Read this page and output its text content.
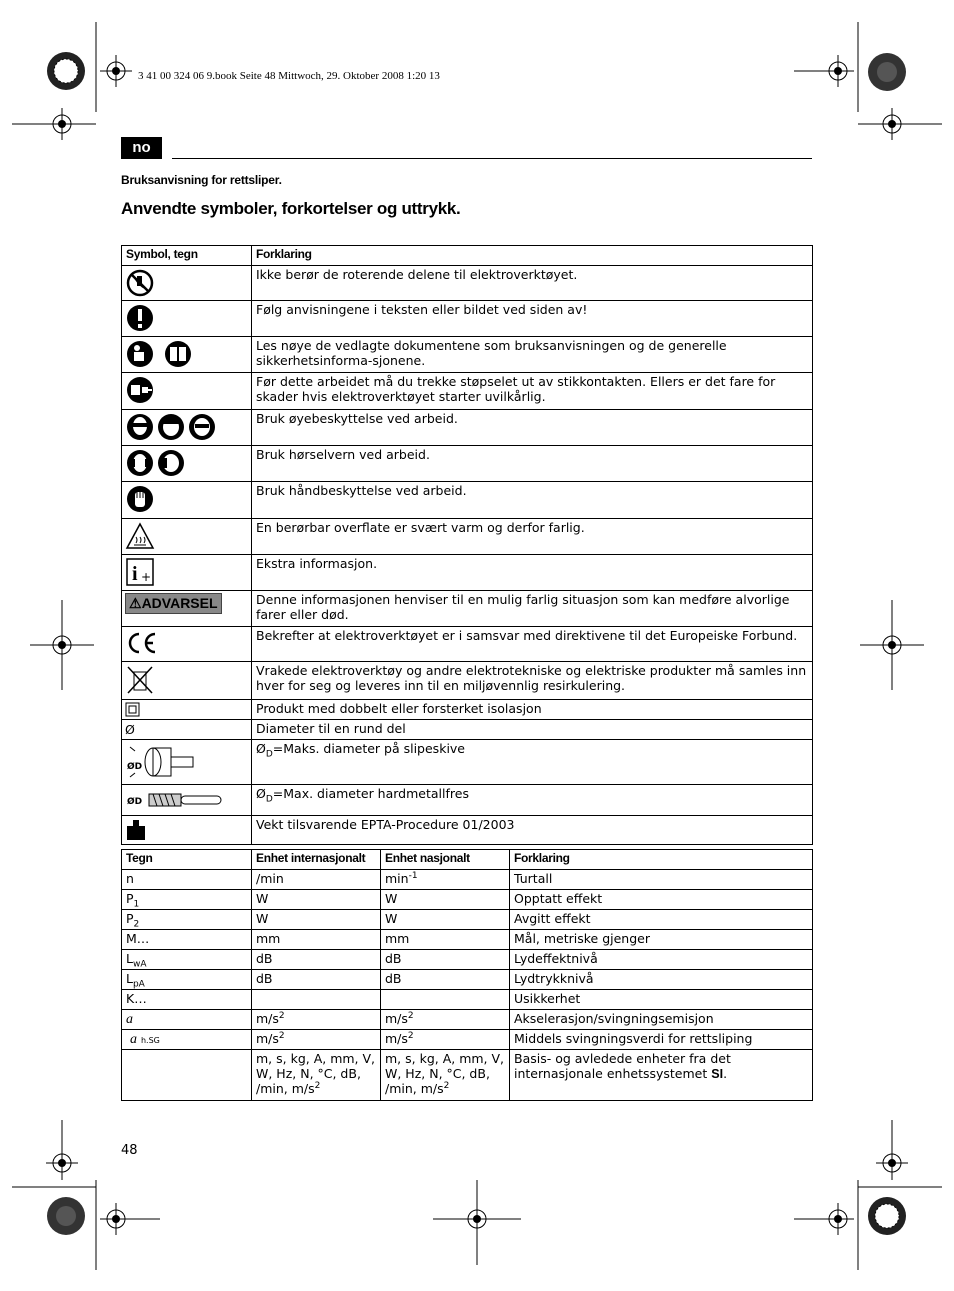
3 41 00 324 06 9.book Seite 48 Mittwoch, 29. Oktober 2008 1:20 13
no
Bruksanvisning for rettsliper.
Anvendte symboler, forkortelser og uttrykk.
Symbol, tegn	Forklaring
	Ikke berør de roterende delene til elektroverktøyet.
	Følg anvisningene i teksten eller bildet ved siden av!
	Les nøye de vedlagte dokumentene som bruksanvisningen og de generelle sikkerhetsinforma-sjonene.
	Før dette arbeidet må du trekke støpselet ut av stikkontakten. Ellers er det fare for skader hvis elektroverktøyet starter uvilkårlig.
	Bruk øyebeskyttelse ved arbeid.
	Bruk hørselvern ved arbeid.
	Bruk håndbeskyttelse ved arbeid.
	En berørbar overflate er svært varm og derfor farlig.

i +	Ekstra informasjon.
⚠ADVARSEL	Denne informasjonen henviser til en mulig farlig situasjon som kan medføre alvorlige farer eller død.
	Bekrefter at elektroverktøyet er i samsvar med direktivene til det Europeiske Forbund.
	Vrakede elektroverktøy og andre elektrotekniske og elektriske produkter må samles inn hver for seg og leveres inn til en miljøvennlig resirkulering.
	Produkt med dobbelt eller forsterket isolasjon
Ø	Diameter til en rund del

ØD	$Ø_D=Maks$. diameter på slipeskive

ØD	$Ø_D=Max$. diameter hardmetallfres
	Vekt tilsvarende EPTA-Procedure 01/2003
Tegn	Enhet internasjonalt	Enhet nasjonalt	Forklaring
n	/min	$\min^{-1}$	Turtall
$P_1$	W	W	Opptatt effekt
$P_2$	W	W	Avgitt effekt
M…	mm	mm	Mål, metriske gjenger
$L_{wA}$	dB	dB	Lydeffektnivå
$L_{pA}$	dB	dB	Lydtrykknivå
K…			Usikkerhet
a	$m/s^2$	$m/s^2$	Akselerasjon/svingningsemisjon
a h.SG	$m/s^2$	$m/s^2$	Middels svingningsverdi for rettsliping
	m, s, kg, A, mm, V, W, Hz, N, °C, dB, /min, $m/s^2$	m, s, kg, A, mm, V, W, Hz, N, °C, dB, /min, $m/s^2$	Basis- og avledede enheter fra det internasjonale enhetssystemet SI.
48
